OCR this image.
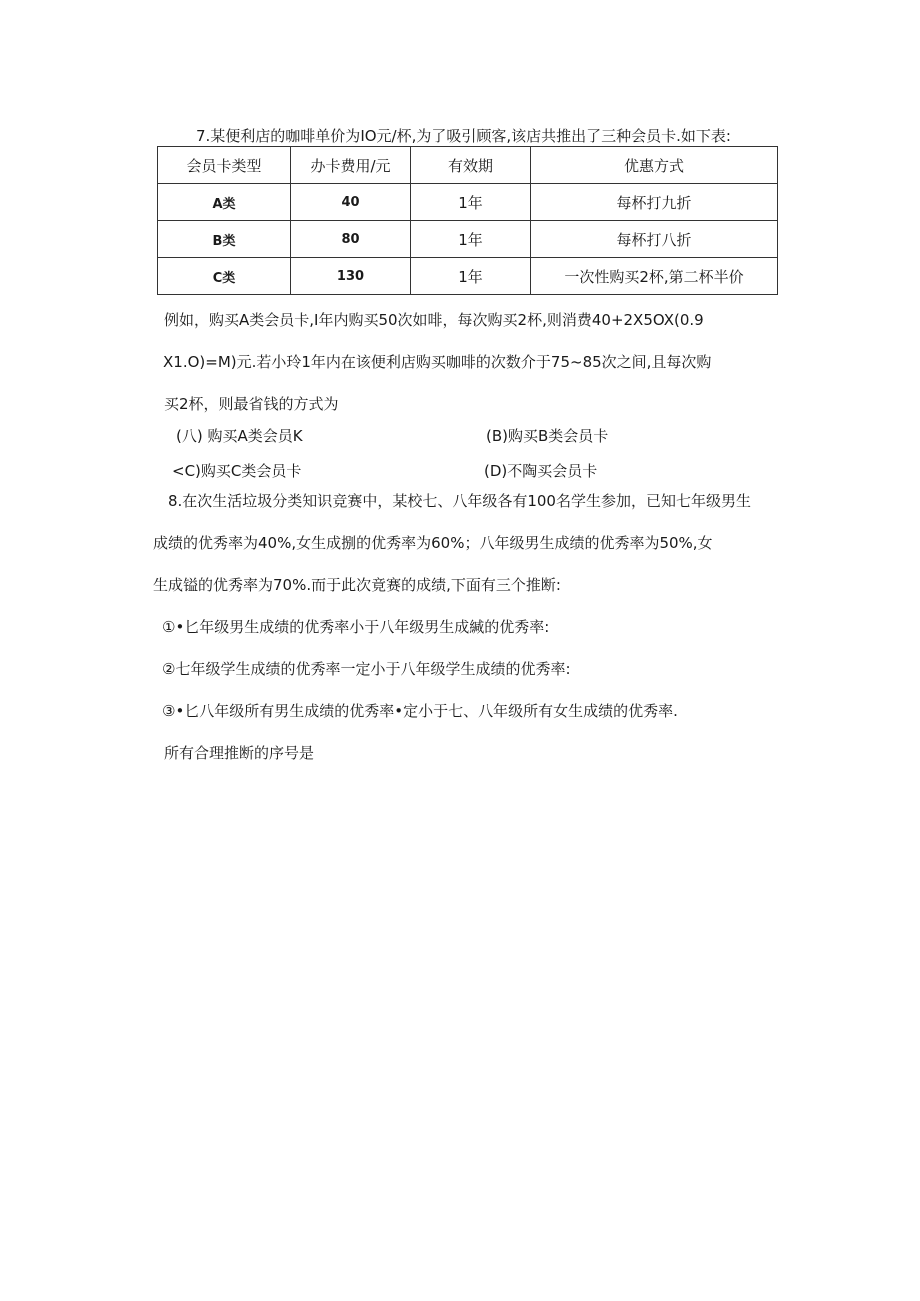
7.某便利店的咖啡单价为IO元/杯,为了吸引顾客,该店共推出了三种会员卡.如下表:
会员卡类型	办卡费用/元	有效期	优惠方式
A类	40	1年	每杯打九折
B类	80	1年	每杯打八折
C类	130	1年	一次性购买2杯,第二杯半价
例如，购买A类会员卡,I年内购买50次如啡，每次购买2杯,则消费40+2X5OX(0.9
X1.O)=M)元.若小玲1年内在该便利店购买咖啡的次数介于75~85次之间,且每次购
买2杯，则最省钱的方式为
(八) 购买A类会员K	(B)购买B类会员卡
<C)购买C类会员卡	(D)不陶买会员卡
8.在次生活垃圾分类知识竞赛中，某校七、八年级各有100名学生参加，已知七年级男生
成绩的优秀率为40%,女生成捌的优秀率为60%；八年级男生成绩的优秀率为50%,女
生成镒的优秀率为70%.而于此次竟赛的成绩,下面有三个推断:
①•匕年级男生成绩的优秀率小于八年级男生成緘的优秀率:
②七年级学生成绩的优秀率一定小于八年级学生成绩的优秀率:
③•匕八年级所有男生成绩的优秀率•定小于七、八年级所有女生成绩的优秀率.
所有合理推断的序号是
